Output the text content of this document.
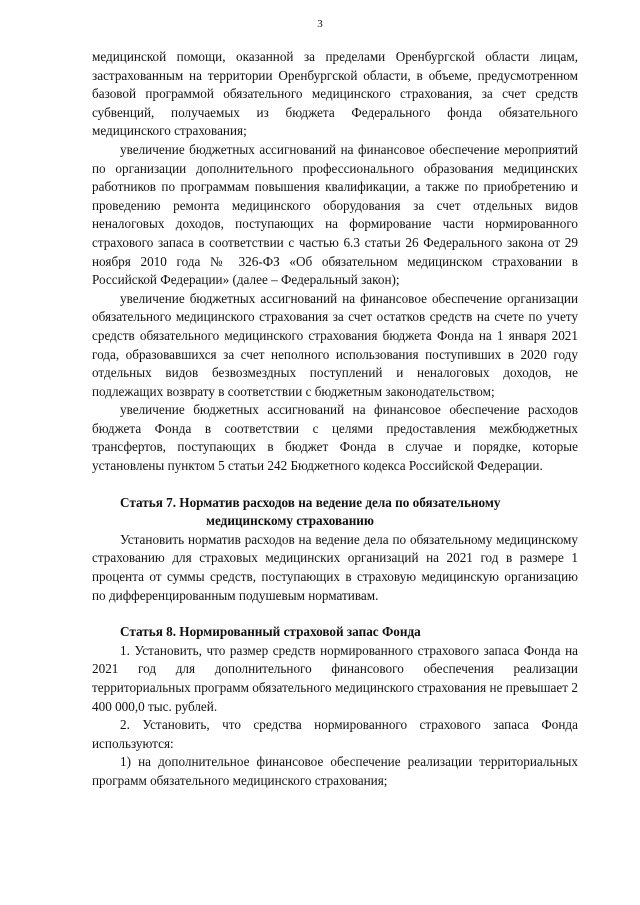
3

медицинской помощи, оказанной за пределами Оренбургской области лицам, застрахованным на территории Оренбургской области, в объеме, предусмотренном базовой программой обязательного медицинского страхования, за счет средств субвенций, получаемых из бюджета Федерального фонда обязательного медицинского страхования;

увеличение бюджетных ассигнований на финансовое обеспечение мероприятий по организации дополнительного профессионального образования медицинских работников по программам повышения квалификации, а также по приобретению и проведению ремонта медицинского оборудования за счет отдельных видов неналоговых доходов, поступающих на формирование части нормированного страхового запаса в соответствии с частью 6.3 статьи 26 Федерального закона от 29 ноября 2010 года № 326-ФЗ «Об обязательном медицинском страховании в Российской Федерации» (далее – Федеральный закон);

увеличение бюджетных ассигнований на финансовое обеспечение организации обязательного медицинского страхования за счет остатков средств на счете по учету средств обязательного медицинского страхования бюджета Фонда на 1 января 2021 года, образовавшихся за счет неполного использования поступивших в 2020 году отдельных видов безвозмездных поступлений и неналоговых доходов, не подлежащих возврату в соответствии с бюджетным законодательством;

увеличение бюджетных ассигнований на финансовое обеспечение расходов бюджета Фонда в соответствии с целями предоставления межбюджетных трансфертов, поступающих в бюджет Фонда в случае и порядке, которые установлены пунктом 5 статьи 242 Бюджетного кодекса Российской Федерации.

Статья 7. Норматив расходов на ведение дела по обязательному
медицинскому страхованию

Установить норматив расходов на ведение дела по обязательному медицинскому страхованию для страховых медицинских организаций на 2021 год в размере 1 процента от суммы средств, поступающих в страховую медицинскую организацию по дифференцированным подушевым нормативам.

Статья 8. Нормированный страховой запас Фонда

1. Установить, что размер средств нормированного страхового запаса Фонда на 2021 год для дополнительного финансового обеспечения реализации территориальных программ обязательного медицинского страхования не превышает 2 400 000,0 тыс. рублей.

2. Установить, что средства нормированного страхового запаса Фонда используются:

1) на дополнительное финансовое обеспечение реализации территориальных программ обязательного медицинского страхования;
